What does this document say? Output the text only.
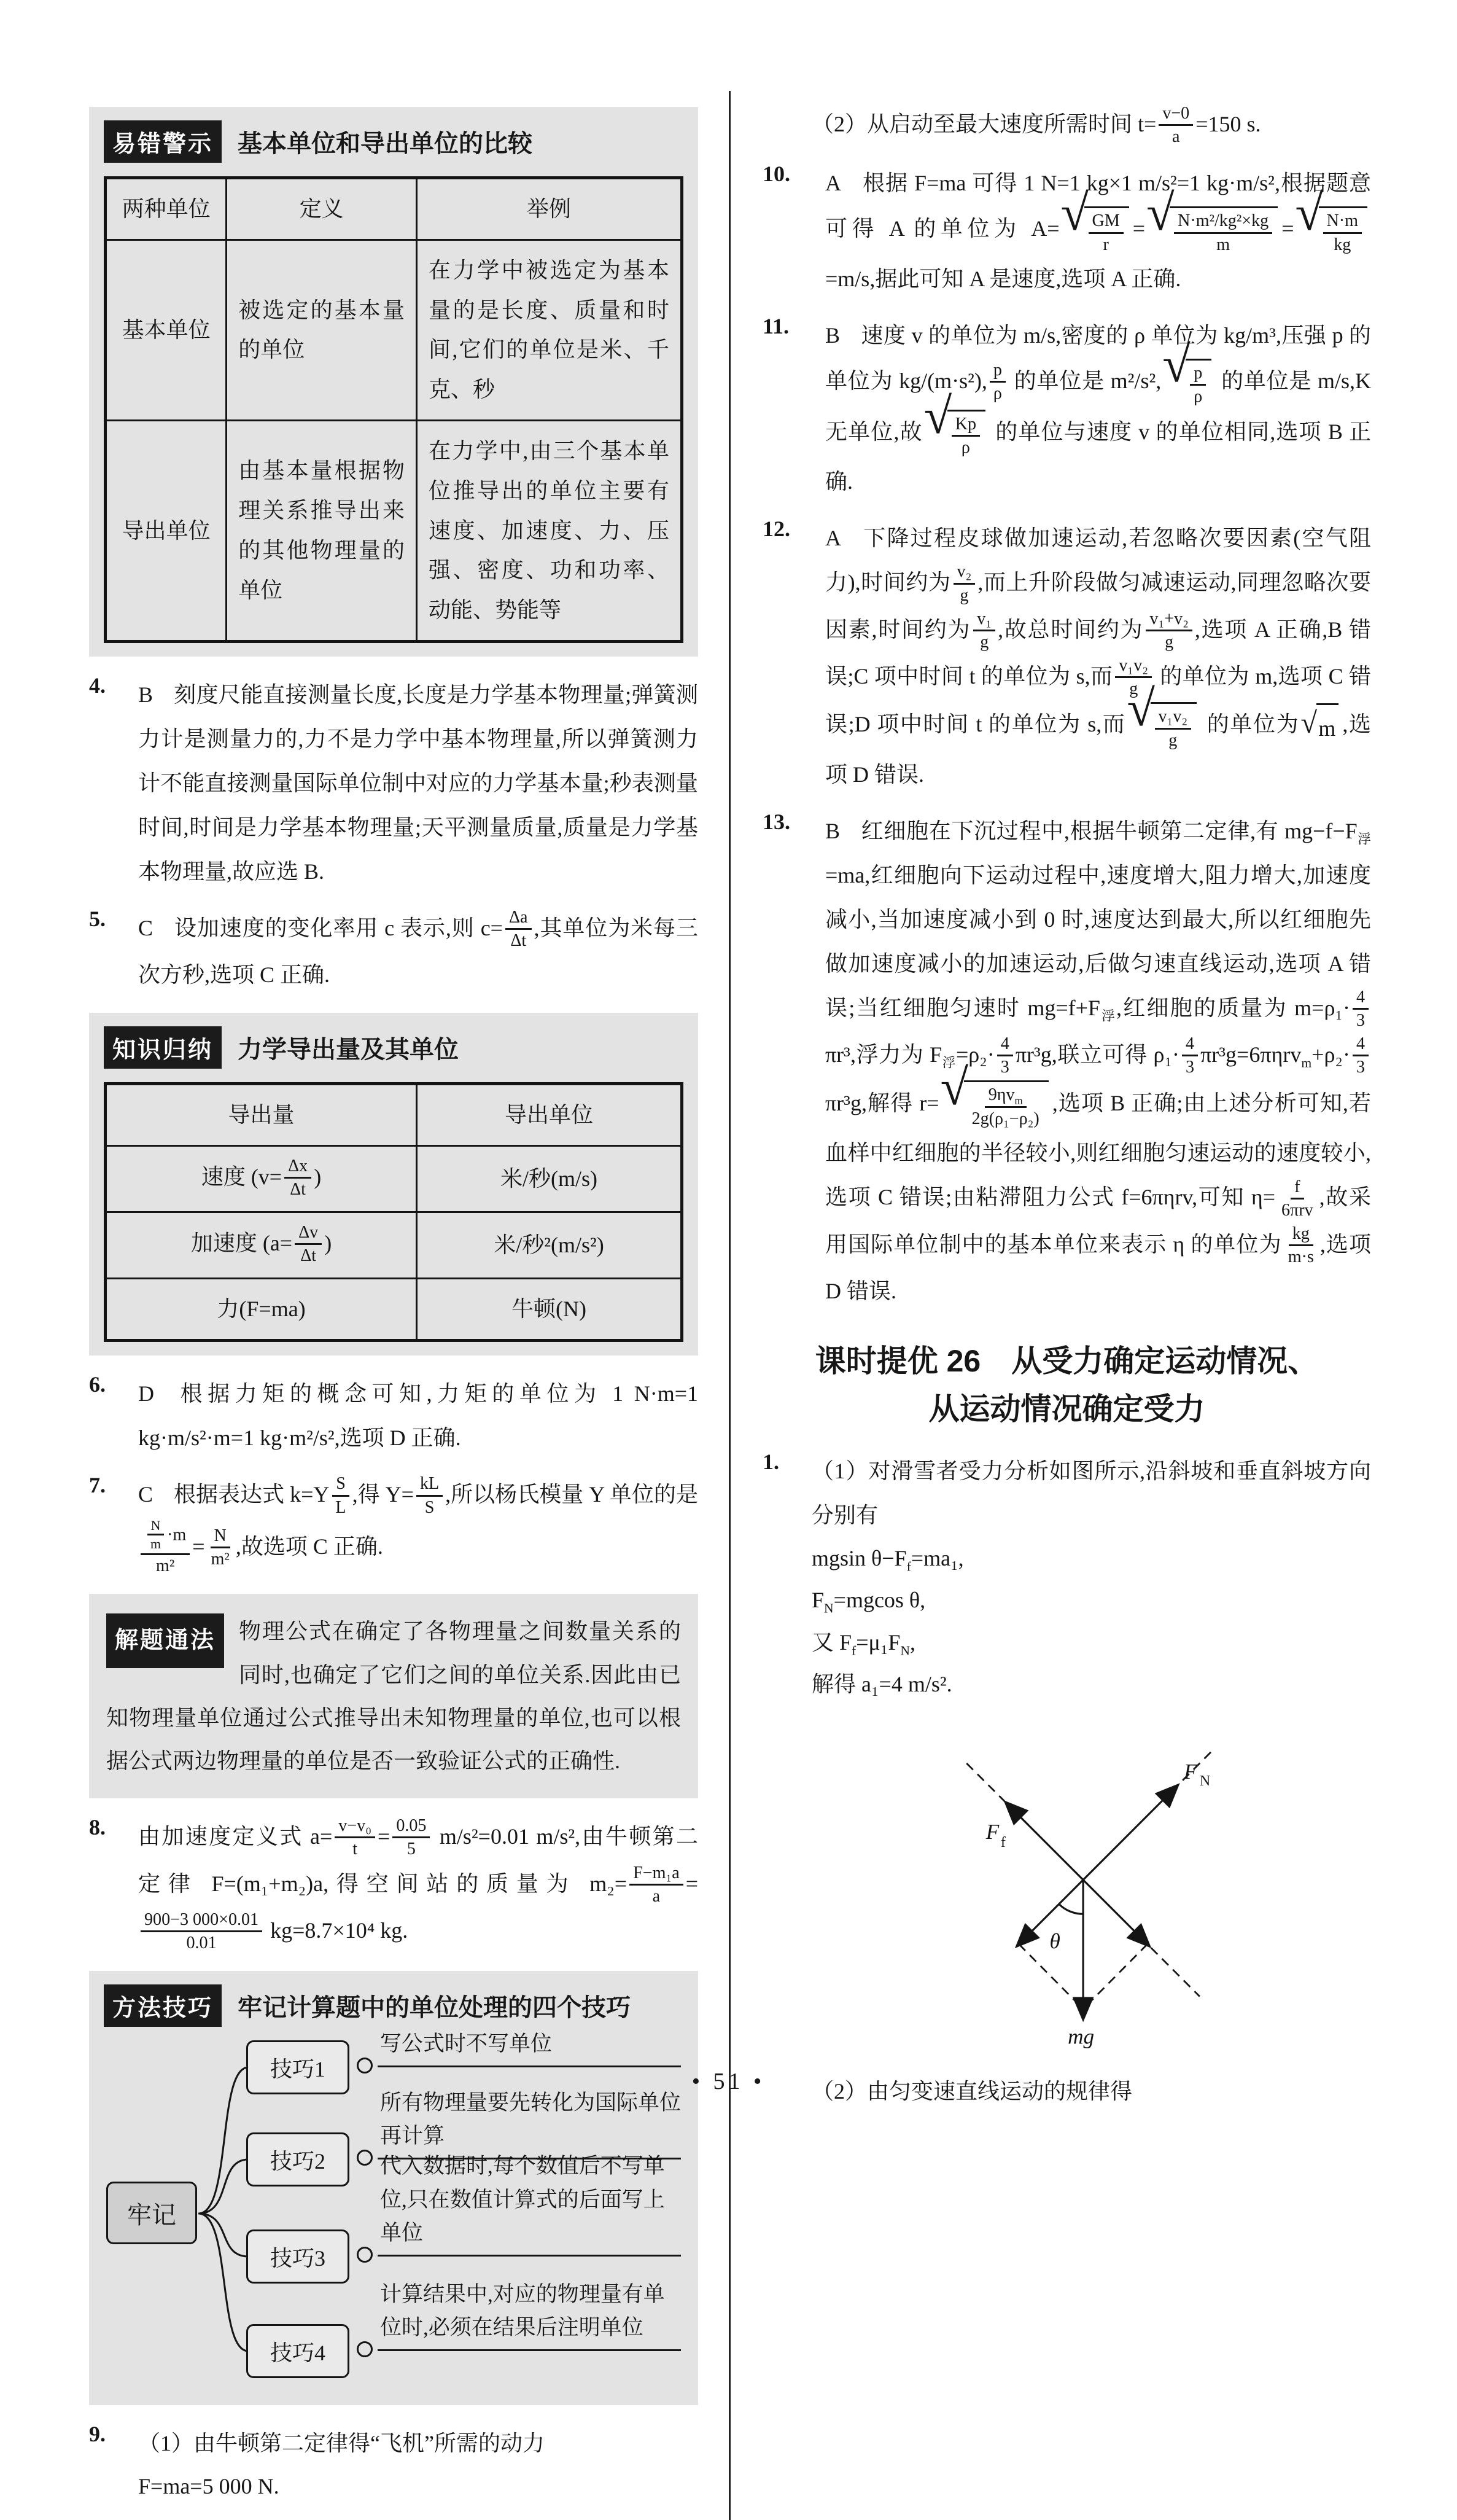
易错警示	基本单位和导出单位的比较
两种单位	定义	举例
基本单位	被选定的基本量的单位	在力学中被选定为基本量的是长度、质量和时间,它们的单位是米、千克、秒
导出单位	由基本量根据物理关系推导出来的其他物理量的单位	在力学中,由三个基本单位推导出的单位主要有速度、加速度、力、压强、密度、功和功率、动能、势能等
4.	B 刻度尺能直接测量长度,长度是力学基本物理量;弹簧测力计是测量力的,力不是力学中基本物理量,所以弹簧测力计不能直接测量国际单位制中对应的力学基本量;秒表测量时间,时间是力学基本物理量;天平测量质量,质量是力学基本物理量,故应选 B.
5.	C 设加速度的变化率用 c 表示,则 $c= \frac{\Delta a}{\Delta t}$ ,其单位为米每三次方秒,选项 C 正确.
知识归纳	力学导出量及其单位
导出量	导出单位
速度 ($v= \frac{\Delta x}{\Delta t}$ )	米/秒(m/s)
加速度 ($a= \frac{\Delta v}{\Delta t}$ )	米/秒²(m/s²)
力(F=ma)	牛顿(N)
6.	D 根据力矩的概念可知,力矩的单位为 1 N·m=1 kg·m/s²·m=1 kg·m²/s²,选项 D 正确.
7.	C 根据表达式 $k=Y \frac{S}{L}$ ,得 $Y= \frac{kL}{S}$ ,所以杨氏模量 Y 单位的是
$\frac{\frac{N}{m} \cdot m}{\text{m²}} = \frac{N}{\text{m²}}$ ,故选项 C 正确.
解题通法	物理公式在确定了各物理量之间数量关系的同时,也确定了它们之间的单位关系.因此由已知物理量单位通过公式推导出未知物理量的单位,也可以根据公式两边物理量的单位是否一致验证公式的正确性.
8.	由加速度定义式 $a= \frac{\text{v−v₀}}{t} = \frac{0.05}{5} m/s^2=0.01$ m/s²,由牛顿第二定律 F=(m₁+m₂)a,得空间站的质量为 $m_2= \frac{\text{F−m₁a}}{a}$ =
$\frac{900-3 000\times 0.01}{0.01} kg=8.7\times 10^4$ kg.
方法技巧	牢记计算题中的单位处理的四个技巧
牢记
技巧1
技巧2
技巧3
技巧4
写公式时不写单位
所有物理量要先转化为国际单位再计算
代入数据时,每个数值后不写单位,只在数值计算式的后面写上单位
计算结果中,对应的物理量有单位时,必须在结果后注明单位
9.	（1）由牛顿第二定律得“飞机”所需的动力
F=ma=5 000 N.
（2）从启动至最大速度所需时间 $t= \frac{v-0}{a} =150$ s.
10.	A 根据 F=ma 可得 1 N=1 kg×1 m/s²=1 kg·m/s²,根据题意可得 A 的单位为 A= √ $\frac{GM}{r}$ = √ $\frac{\text{N·m²/kg²×kg}}{m}$ = √ $\frac{N\cdot m}{kg}$
=m/s,据此可知 A 是速度,选项 A 正确.
11.	B 速度 v 的单位为 m/s,密度的 ρ 单位为 kg/m³,压强 p 的单位为 kg/(m·s²), $\frac{p}{\rho}$ 的单位是 m²/s², √ $\frac{p}{\rho}$ 的单位是 m/s,K 无单位,故 √ $\frac{Kp}{\rho}$ 的单位与速度 v 的单位相同,选项 B 正确.
12.	A 下降过程皮球做加速运动,若忽略次要因素(空气阻力),时间约为 $\frac{\text{v₂}}{g}$ ,而上升阶段做匀减速运动,同理忽略次要因素,时间约为 $\frac{\text{v₁}}{g}$ ,故总时间约为 $\frac{\text{v₁+v₂}}{g}$ ,选项 A 正确,B 错误;C 项中时间 t 的单位为 s,而 $\frac{\text{v₁v₂}}{g}$ 的单位为 m,选项 C 错误;D 项中时间 t 的单位为 s,而 √ $\frac{\text{v₁v₂}}{g}$ 的单位为 √ m ,选项 D 错误.
13.	B 红细胞在下沉过程中,根据牛顿第二定律,有 $mg-f-F_浮=ma$,红细胞向下运动过程中,速度增大,阻力增大,加速度减小,当加速度减小到 0 时,速度达到最大,所以红细胞先做加速度减小的加速运动,后做匀速直线运动,选项 A 错误;当红细胞匀速时 $mg=f+F_浮$,红细胞的质量为 $m=\rho_1\cdot \frac{4}{3}$
πr³,浮力为 $F_浮=\rho_2\cdot \frac{4}{3} \pi r^3g$,联立可得 $\rho_1\cdot \frac{4}{3} \pi r^3g=6\pi\eta rv_m+\rho_2\cdot \frac{4}{3}$
πr³g,解得 r= √ $\frac{9\eta v_m}{\text{2g(ρ₁−ρ₂)}}$ ,选项 B 正确;由上述分析可知,若血样中红细胞的半径较小,则红细胞匀速运动的速度较小,选项 C 错误;由粘滞阻力公式 f=6πηrv,可知 $\eta= \frac{f}{\text{6πrv}}$ ,故采用国际单位制中的基本单位来表示 η 的单位为 $\frac{kg}{m\cdot s}$ ,选项 D 错误.
课时提优 26　从受力确定运动情况、
从运动情况确定受力
1.	（1）对滑雪者受力分析如图所示,沿斜坡和垂直斜坡方向分别有
mgsin $\theta-F_f=ma_1$,
$F_N=mgcos$ θ,
又 $F_f=\mu_1F_N$,
解得 a₁=4 m/s².
F N
F f
θ
mg
（2）由匀变速直线运动的规律得
• 51 •
